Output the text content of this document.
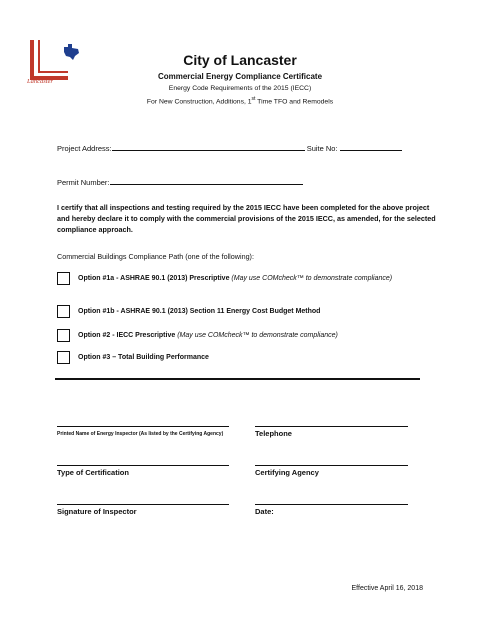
Lancaster
City of Lancaster
Commercial Energy Compliance Certificate
Energy Code Requirements of the 2015 (IECC)
For New Construction, Additions, 1st Time TFO and Remodels
Project Address:	Suite No:
Permit Number:
I certify that all inspections and testing required by the 2015 IECC have been completed for the above project and hereby declare it to comply with the commercial provisions of the 2015 IECC, as amended, for the selected compliance approach.
Commercial Buildings Compliance Path (one of the following):
Option #1a - ASHRAE 90.1 (2013) Prescriptive (May use COMcheck™ to demonstrate compliance)
Option #1b - ASHRAE 90.1 (2013) Section 11 Energy Cost Budget Method
Option #2 - IECC Prescriptive (May use COMcheck™ to demonstrate compliance)
Option #3 – Total Building Performance
Printed Name of Energy Inspector (As listed by the Certifying Agency)	Telephone
Type of Certification	Certifying Agency
Signature of Inspector	Date:
Effective April 16, 2018
